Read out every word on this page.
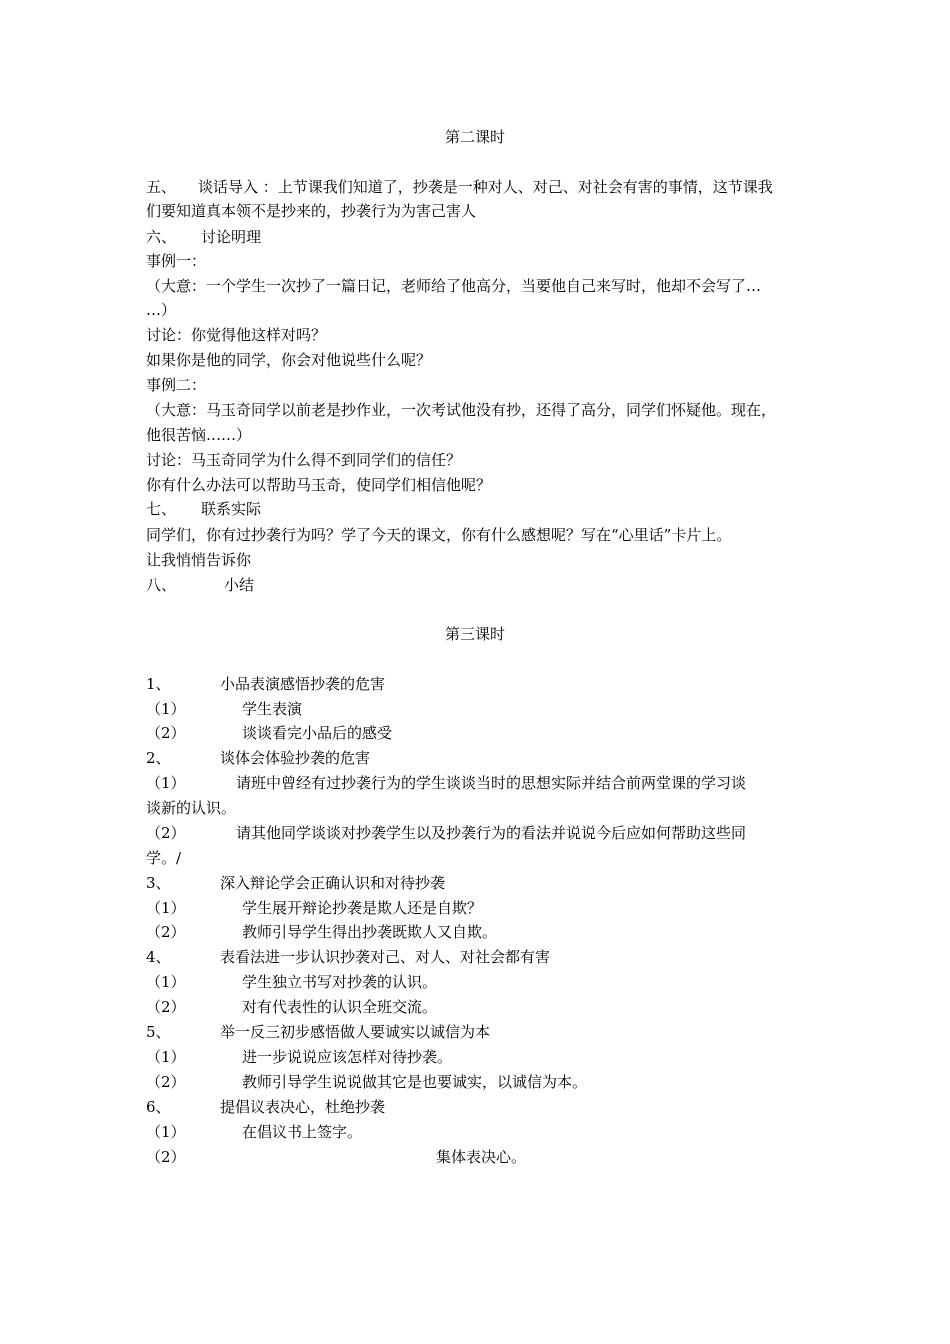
第二课时
五、 谈话导入 ：上节课我们知道了，抄袭是一种对人、对己、对社会有害的事情，这节课我
们要知道真本领不是抄来的，抄袭行为为害己害人
六、 讨论明理
事例一：
（大意：一个学生一次抄了一篇日记，老师给了他高分，当要他自己来写时，他却不会写了…
…）
讨论：你觉得他这样对吗？
如果你是他的同学，你会对他说些什么呢？
事例二：
（大意：马玉奇同学以前老是抄作业，一次考试他没有抄，还得了高分，同学们怀疑他。现在，
他很苦恼……）
讨论：马玉奇同学为什么得不到同学们的信任？
你有什么办法可以帮助马玉奇，使同学们相信他呢？
七、 联系实际
同学们，你有过抄袭行为吗？学了今天的课文，你有什么感想呢？写在“心里话”卡片上。
让我悄悄告诉你
八、	小结
第三课时
1、	小品表演感悟抄袭的危害
（1）	学生表演
（2）	谈谈看完小品后的感受
2、	谈体会体验抄袭的危害
（1）	请班中曾经有过抄袭行为的学生谈谈当时的思想实际并结合前两堂课的学习谈
谈新的认识。
（2）	请其他同学谈谈对抄袭学生以及抄袭行为的看法并说说今后应如何帮助这些同
学。/
3、	深入辩论学会正确认识和对待抄袭
（1）	学生展开辩论抄袭是欺人还是自欺？
（2）	教师引导学生得出抄袭既欺人又自欺。
4、	表看法进一步认识抄袭对己、对人、对社会都有害
（1）	学生独立书写对抄袭的认识。
（2）	对有代表性的认识全班交流。
5、	举一反三初步感悟做人要诚实以诚信为本
（1）	进一步说说应该怎样对待抄袭。
（2）	教师引导学生说说做其它是也要诚实，以诚信为本。
6、	提倡议表决心，杜绝抄袭
（1）	在倡议书上签字。
（2）	集体表决心。
